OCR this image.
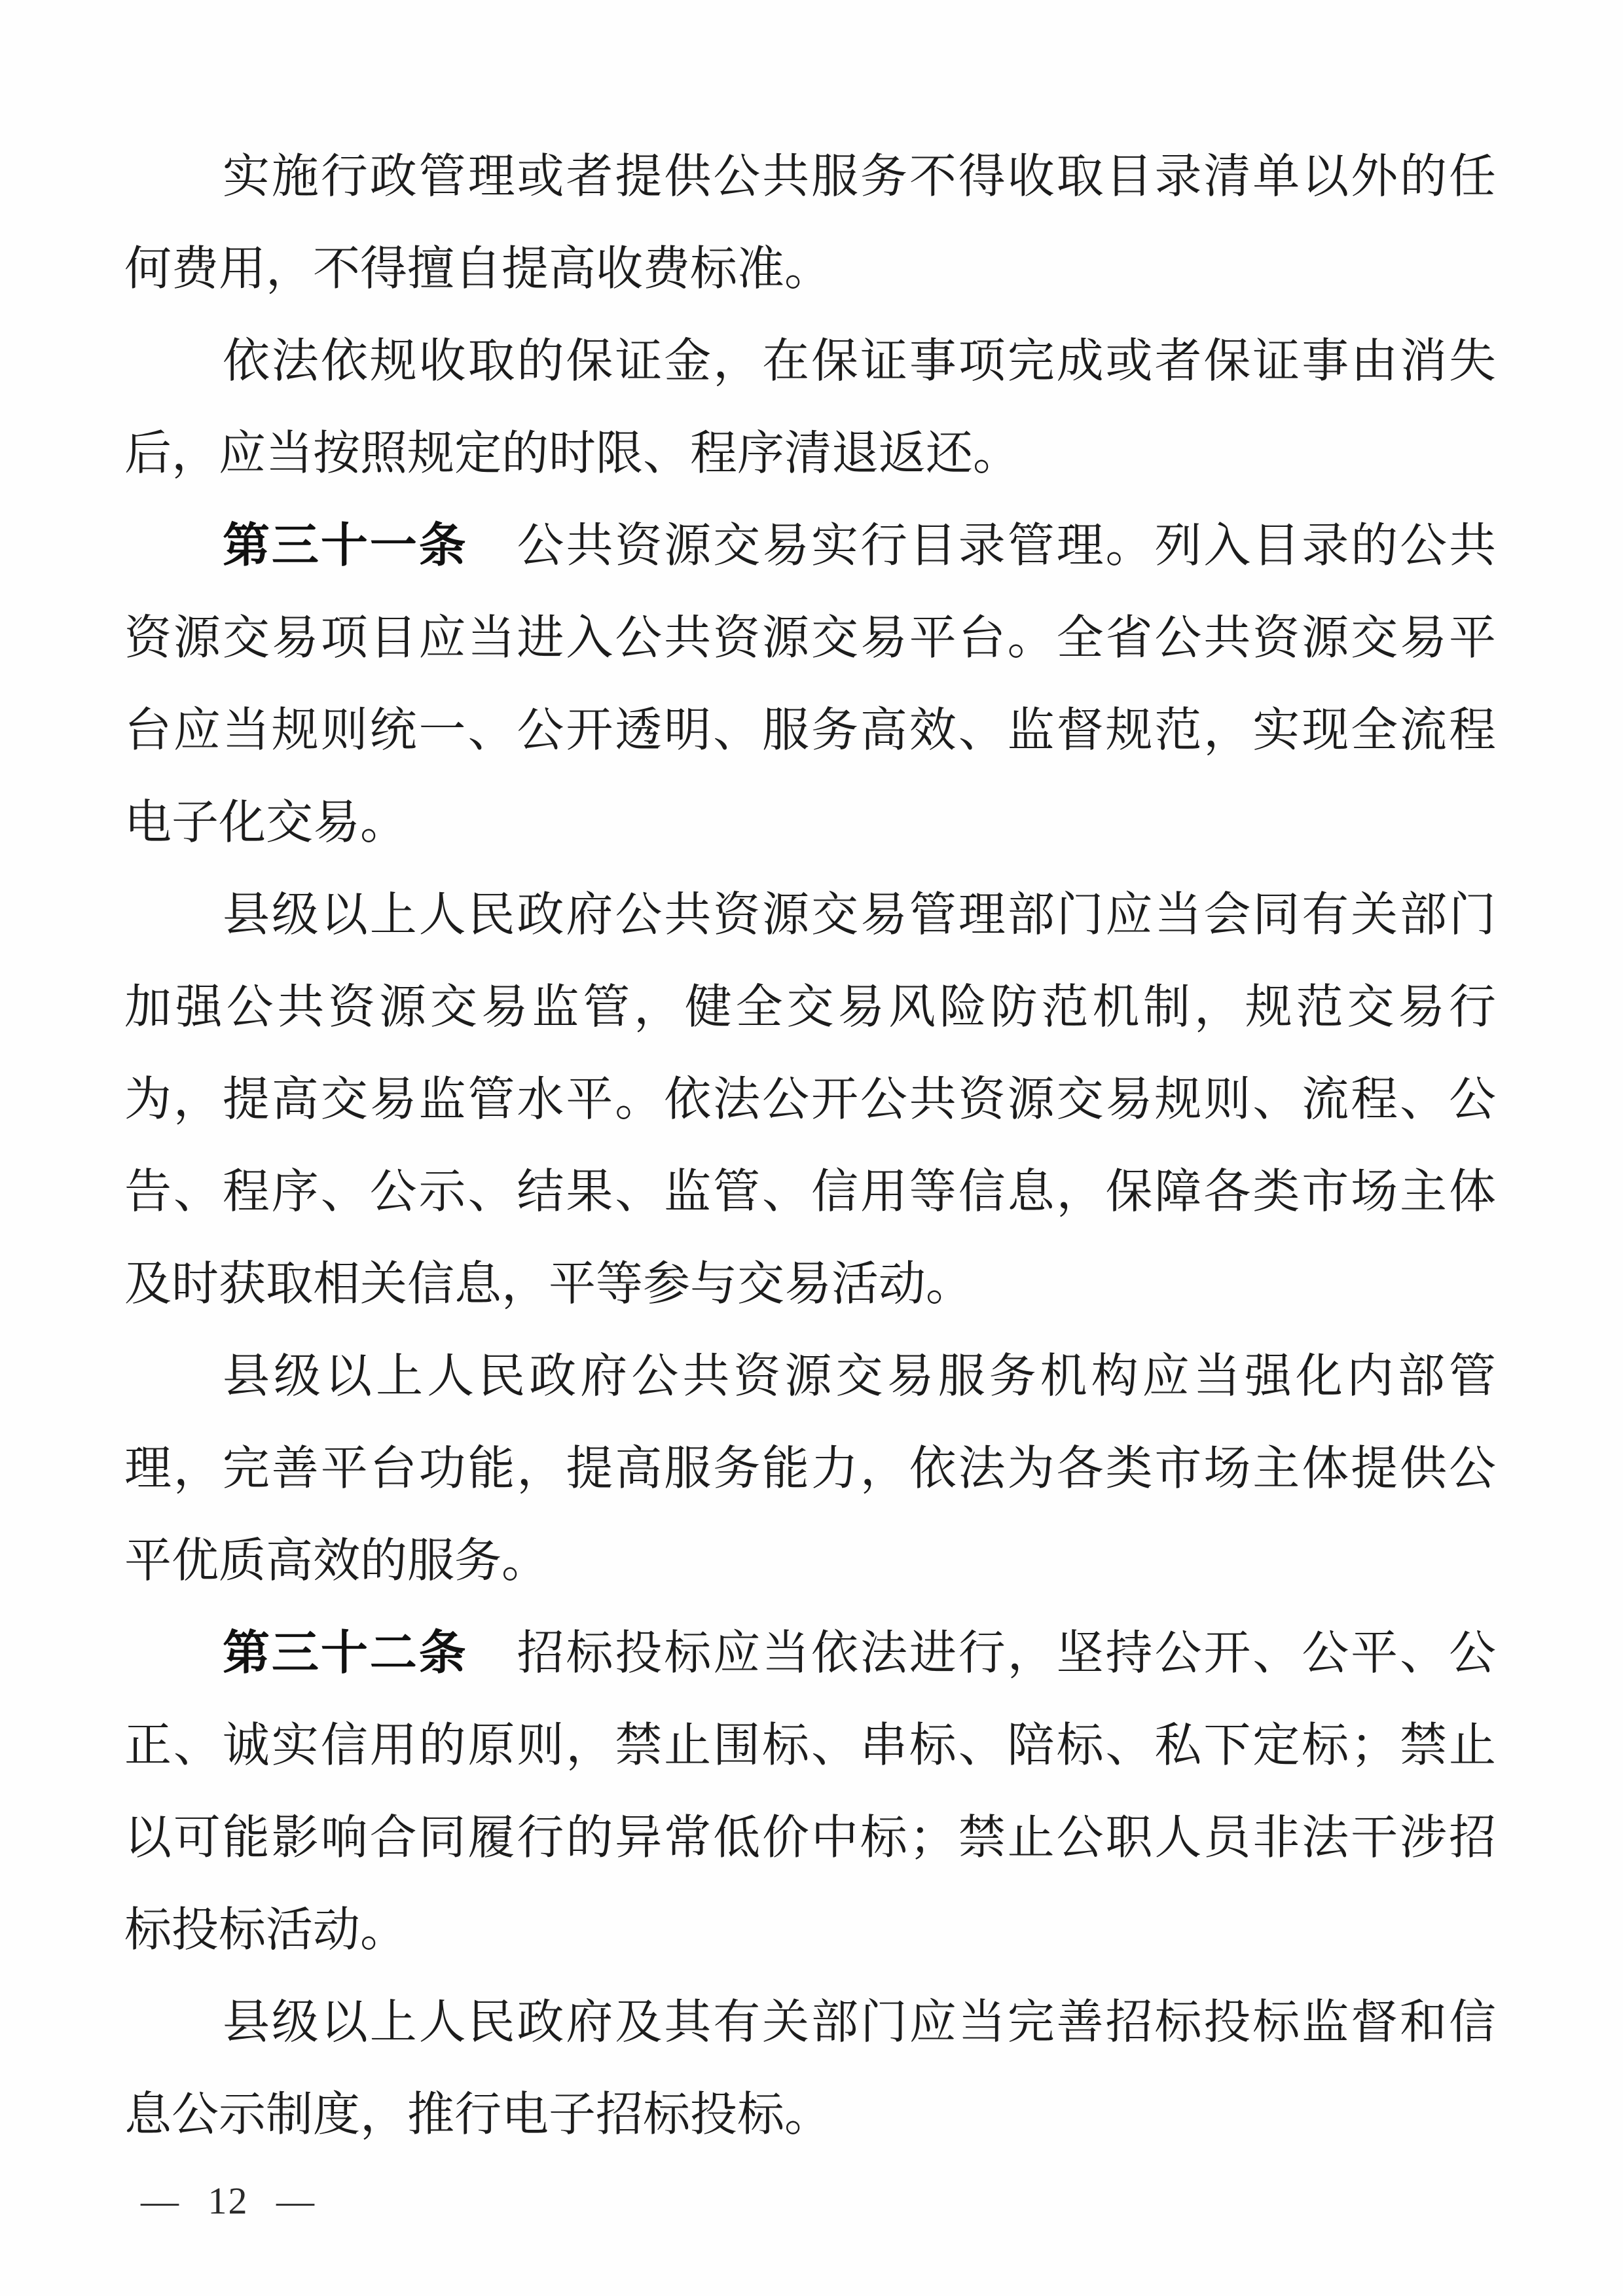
实施行政管理或者提供公共服务不得收取目录清单以外的任
何费用，不得擅自提高收费标准。
依法依规收取的保证金，在保证事项完成或者保证事由消失
后，应当按照规定的时限、程序清退返还。
第三十一条　公共资源交易实行目录管理。列入目录的公共
资源交易项目应当进入公共资源交易平台。全省公共资源交易平
台应当规则统一、公开透明、服务高效、监督规范，实现全流程
电子化交易。
县级以上人民政府公共资源交易管理部门应当会同有关部门
加强公共资源交易监管，健全交易风险防范机制，规范交易行
为，提高交易监管水平。依法公开公共资源交易规则、流程、公
告、程序、公示、结果、监管、信用等信息，保障各类市场主体
及时获取相关信息，平等参与交易活动。
县级以上人民政府公共资源交易服务机构应当强化内部管
理，完善平台功能，提高服务能力，依法为各类市场主体提供公
平优质高效的服务。
第三十二条　招标投标应当依法进行，坚持公开、公平、公
正、诚实信用的原则，禁止围标、串标、陪标、私下定标；禁止
以可能影响合同履行的异常低价中标；禁止公职人员非法干涉招
标投标活动。
县级以上人民政府及其有关部门应当完善招标投标监督和信
息公示制度，推行电子招标投标。
— 12 —
